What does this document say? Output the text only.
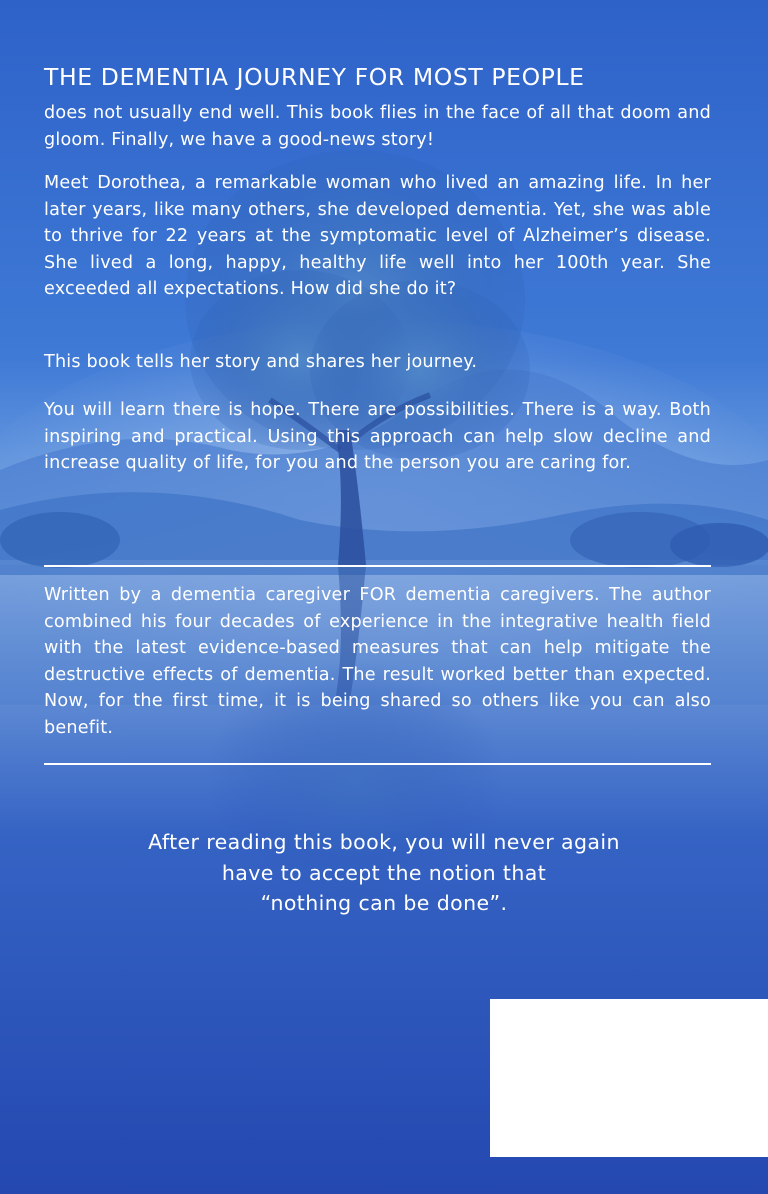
THE DEMENTIA JOURNEY FOR MOST PEOPLE

does not usually end well. This book flies in the face of all that doom and gloom. Finally, we have a good-news story!

Meet Dorothea, a remarkable woman who lived an amazing life. In her later years, like many others, she developed dementia. Yet, she was able to thrive for 22 years at the symptomatic level of Alzheimer’s disease. She lived a long, happy, healthy life well into her 100th year. She exceeded all expectations. How did she do it?

This book tells her story and shares her journey.

You will learn there is hope. There are possibilities. There is a way. Both inspiring and practical. Using this approach can help slow decline and increase quality of life, for you and the person you are caring for.

Written by a dementia caregiver FOR dementia caregivers. The author combined his four decades of experience in the integrative health field with the latest evidence-based measures that can help mitigate the destructive effects of dementia. The result worked better than expected. Now, for the first time, it is being shared so others like you can also benefit.

After reading this book, you will never again
have to accept the notion that
“nothing can be done”.
